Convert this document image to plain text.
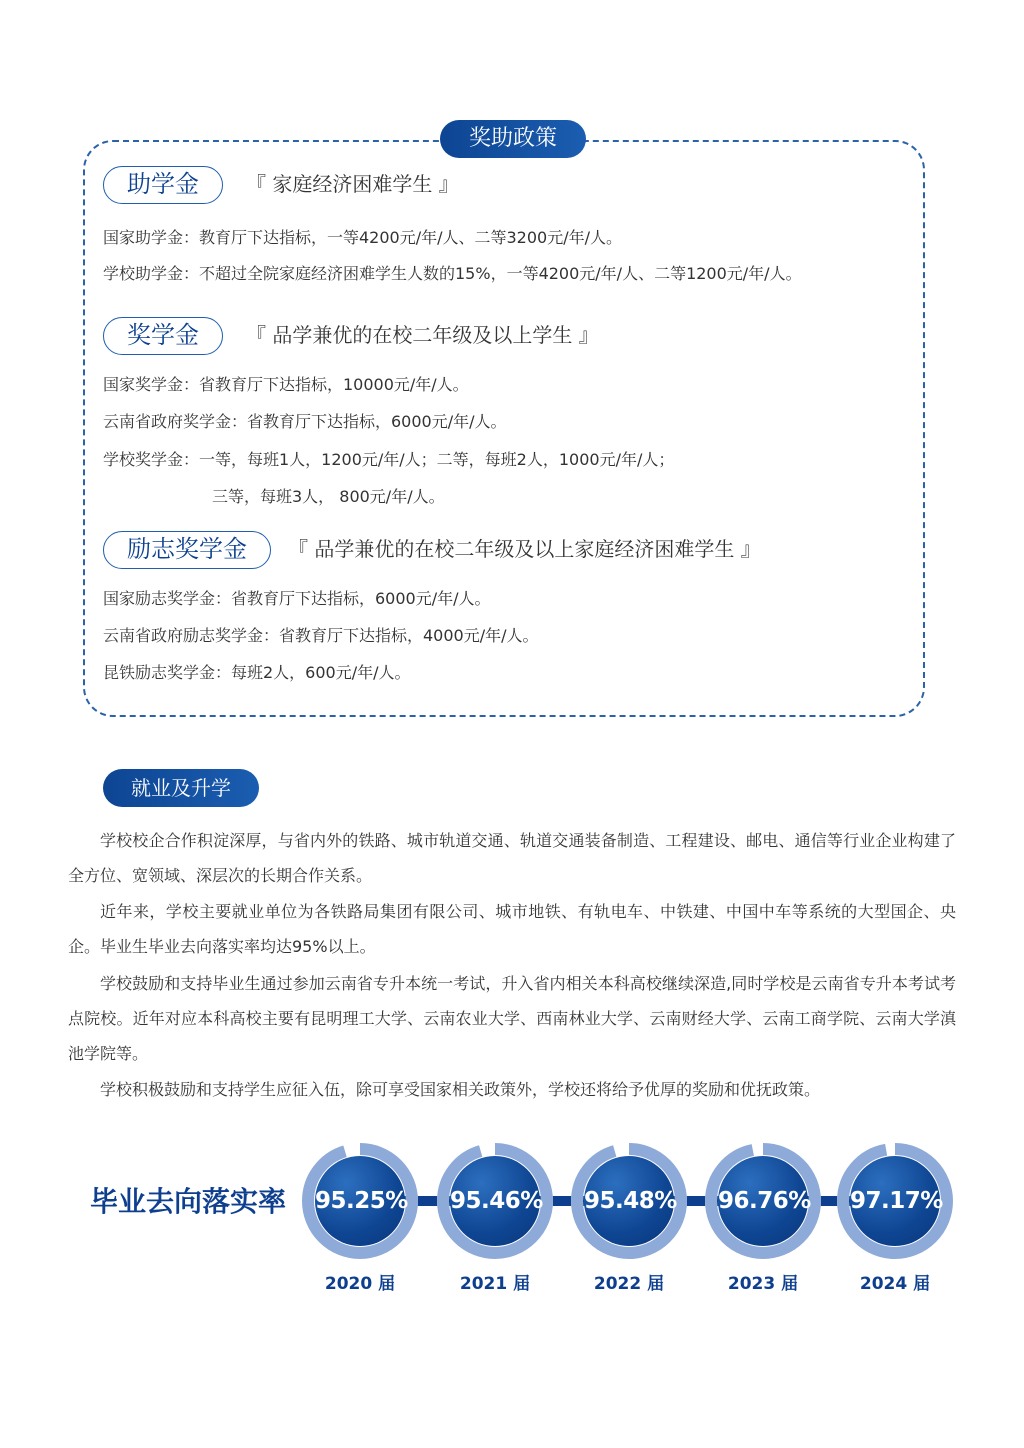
奖助政策
助学金	『 家庭经济困难学生 』
国家助学金：教育厅下达指标，一等4200元/年/人、二等3200元/年/人。
学校助学金：不超过全院家庭经济困难学生人数的15%，一等4200元/年/人、二等1200元/年/人。
奖学金	『 品学兼优的在校二年级及以上学生 』
国家奖学金：省教育厅下达指标，10000元/年/人。
云南省政府奖学金：省教育厅下达指标，6000元/年/人。
学校奖学金：一等，每班1人，1200元/年/人；二等，每班2人，1000元/年/人；
三等，每班3人， 800元/年/人。
励志奖学金	『 品学兼优的在校二年级及以上家庭经济困难学生 』
国家励志奖学金：省教育厅下达指标，6000元/年/人。
云南省政府励志奖学金：省教育厅下达指标，4000元/年/人。
昆铁励志奖学金：每班2人，600元/年/人。
就业及升学

学校校企合作积淀深厚，与省内外的铁路、城市轨道交通、轨道交通装备制造、工程建设、邮电、通信等行业企业构建了全方位、宽领域、深层次的长期合作关系。

近年来，学校主要就业单位为各铁路局集团有限公司、城市地铁、有轨电车、中铁建、中国中车等系统的大型国企、央企。毕业生毕业去向落实率均达95%以上。

学校鼓励和支持毕业生通过参加云南省专升本统一考试，升入省内相关本科高校继续深造,同时学校是云南省专升本考试考点院校。近年对应本科高校主要有昆明理工大学、云南农业大学、西南林业大学、云南财经大学、云南工商学院、云南大学滇池学院等。

学校积极鼓励和支持学生应征入伍，除可享受国家相关政策外，学校还将给予优厚的奖励和优抚政策。

毕业去向落实率 95.25%
2020 届
95.46%
2021 届
95.48%
2022 届
96.76%
2023 届
97.17%
2024 届
